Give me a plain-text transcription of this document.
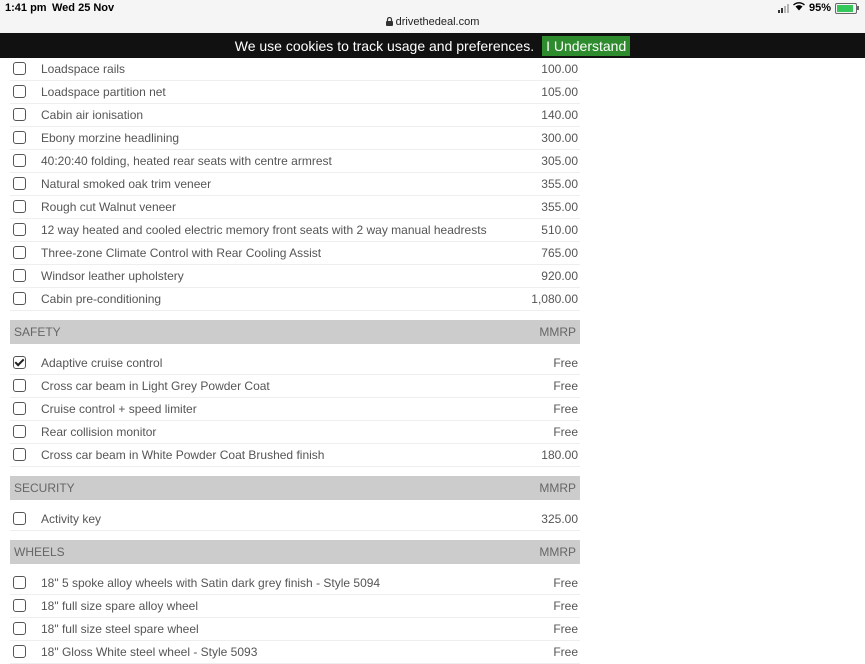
1:41 pm Wed 25 Nov
drivethedeal.com
95%
We use cookies to track usage and preferences. I Understand
Loadspace rails	100.00
Loadspace partition net	105.00
Cabin air ionisation	140.00
Ebony morzine headlining	300.00
40:20:40 folding, heated rear seats with centre armrest	305.00
Natural smoked oak trim veneer	355.00
Rough cut Walnut veneer	355.00
12 way heated and cooled electric memory front seats with 2 way manual headrests	510.00
Three-zone Climate Control with Rear Cooling Assist	765.00
Windsor leather upholstery	920.00
Cabin pre-conditioning	1,080.00
SAFETY	MMRP
Adaptive cruise control	Free
Cross car beam in Light Grey Powder Coat	Free
Cruise control + speed limiter	Free
Rear collision monitor	Free
Cross car beam in White Powder Coat Brushed finish	180.00
SECURITY	MMRP
Activity key	325.00
WHEELS	MMRP
18" 5 spoke alloy wheels with Satin dark grey finish - Style 5094	Free
18" full size spare alloy wheel	Free
18" full size steel spare wheel	Free
18" Gloss White steel wheel - Style 5093	Free
